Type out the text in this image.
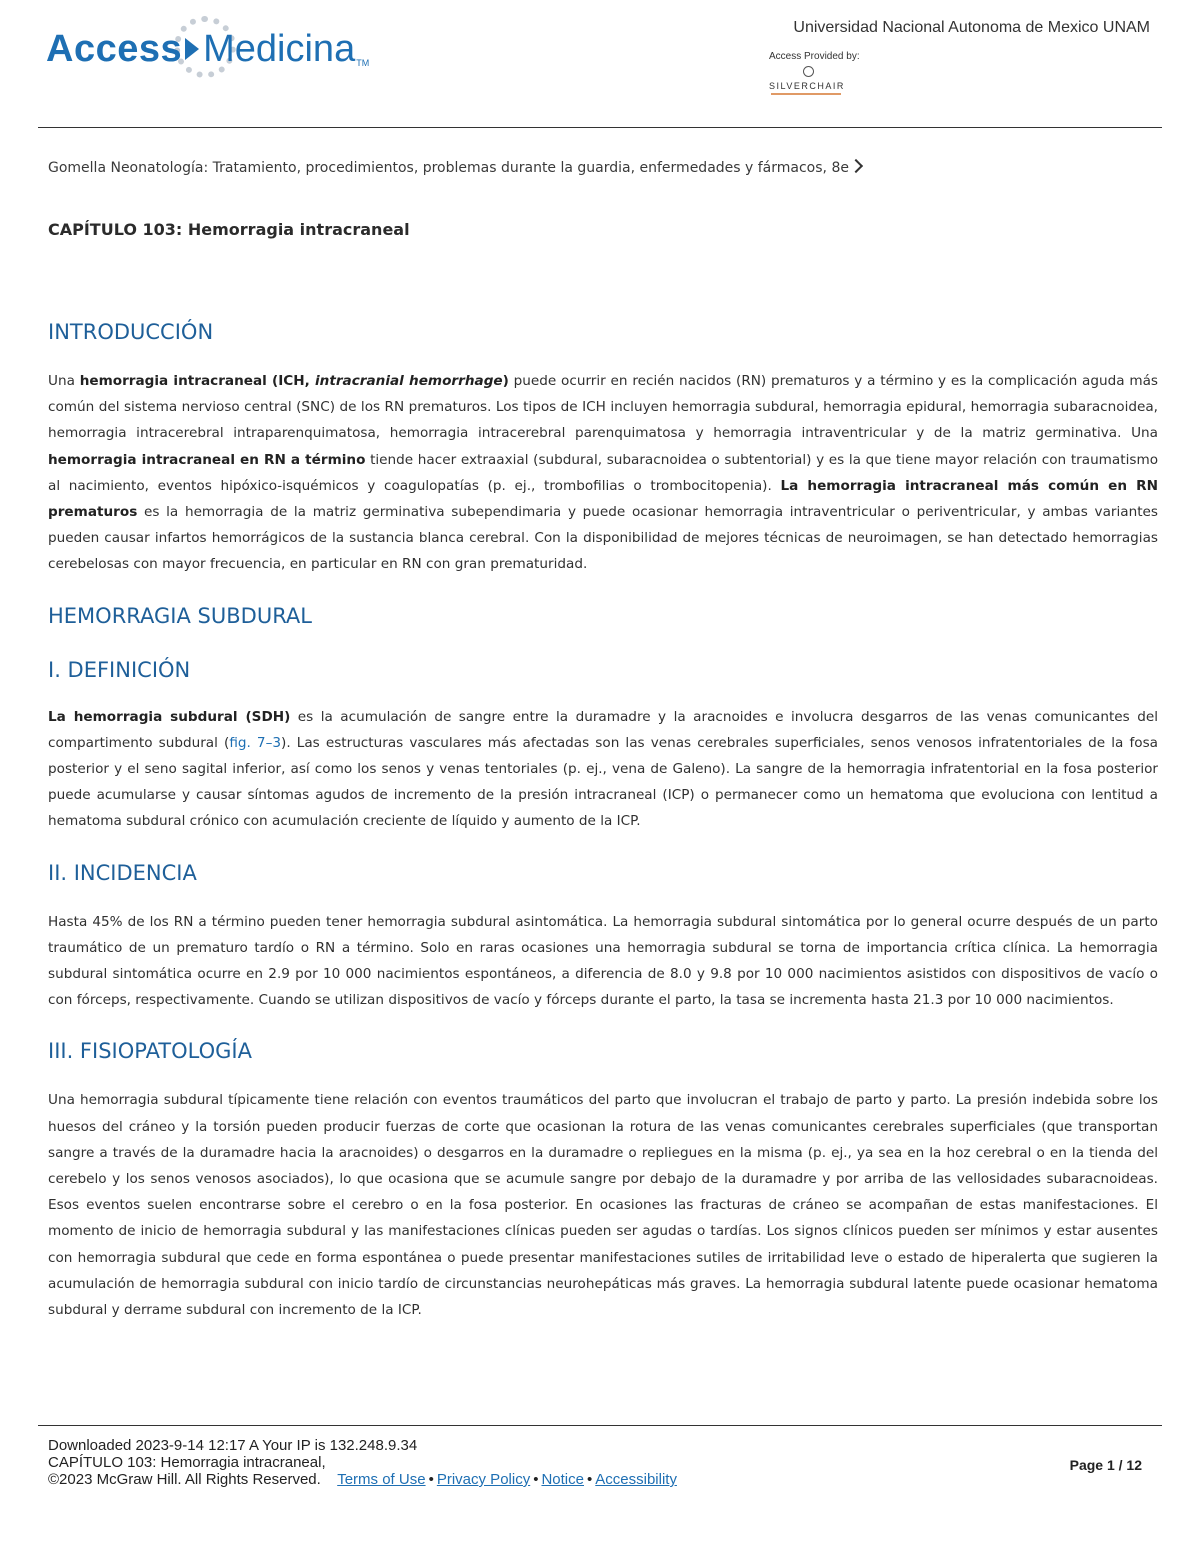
Access Medicina TM
Universidad Nacional Autonoma de Mexico UNAM
Access Provided by:
SILVERCHAIR
Gomella Neonatología: Tratamiento, procedimientos, problemas durante la guardia, enfermedades y fármacos, 8e
CAPÍTULO 103: Hemorragia intracraneal
INTRODUCCIÓN

Una hemorragia intracraneal (ICH, intracranial hemorrhage) puede ocurrir en recién nacidos (RN) prematuros y a término y es la complicación aguda más común del sistema nervioso central (SNC) de los RN prematuros. Los tipos de ICH incluyen hemorragia subdural, hemorragia epidural, hemorragia subaracnoidea, hemorragia intracerebral intraparenquimatosa, hemorragia intracerebral parenquimatosa y hemorragia intraventricular y de la matriz germinativa. Una hemorragia intracraneal en RN a término tiende hacer extraaxial (subdural, subaracnoidea o subtentorial) y es la que tiene mayor relación con traumatismo al nacimiento, eventos hipóxico-isquémicos y coagulopatías (p. ej., trombofilias o trombocitopenia). La hemorragia intracraneal más común en RN prematuros es la hemorragia de la matriz germinativa subependimaria y puede ocasionar hemorragia intraventricular o periventricular, y ambas variantes pueden causar infartos hemorrágicos de la sustancia blanca cerebral. Con la disponibilidad de mejores técnicas de neuroimagen, se han detectado hemorragias cerebelosas con mayor frecuencia, en particular en RN con gran prematuridad.

HEMORRAGIA SUBDURAL
I. DEFINICIÓN

La hemorragia subdural (SDH) es la acumulación de sangre entre la duramadre y la aracnoides e involucra desgarros de las venas comunicantes del compartimento subdural (fig. 7–3). Las estructuras vasculares más afectadas son las venas cerebrales superficiales, senos venosos infratentoriales de la fosa posterior y el seno sagital inferior, así como los senos y venas tentoriales (p. ej., vena de Galeno). La sangre de la hemorragia infratentorial en la fosa posterior puede acumularse y causar síntomas agudos de incremento de la presión intracraneal (ICP) o permanecer como un hematoma que evoluciona con lentitud a hematoma subdural crónico con acumulación creciente de líquido y aumento de la ICP.

II. INCIDENCIA

Hasta 45% de los RN a término pueden tener hemorragia subdural asintomática. La hemorragia subdural sintomática por lo general ocurre después de un parto traumático de un prematuro tardío o RN a término. Solo en raras ocasiones una hemorragia subdural se torna de importancia crítica clínica. La hemorragia subdural sintomática ocurre en 2.9 por 10 000 nacimientos espontáneos, a diferencia de 8.0 y 9.8 por 10 000 nacimientos asistidos con dispositivos de vacío o con fórceps, respectivamente. Cuando se utilizan dispositivos de vacío y fórceps durante el parto, la tasa se incrementa hasta 21.3 por 10 000 nacimientos.

III. FISIOPATOLOGÍA

Una hemorragia subdural típicamente tiene relación con eventos traumáticos del parto que involucran el trabajo de parto y parto. La presión indebida sobre los huesos del cráneo y la torsión pueden producir fuerzas de corte que ocasionan la rotura de las venas comunicantes cerebrales superficiales (que transportan sangre a través de la duramadre hacia la aracnoides) o desgarros en la duramadre o repliegues en la misma (p. ej., ya sea en la hoz cerebral o en la tienda del cerebelo y los senos venosos asociados), lo que ocasiona que se acumule sangre por debajo de la duramadre y por arriba de las vellosidades subaracnoideas. Esos eventos suelen encontrarse sobre el cerebro o en la fosa posterior. En ocasiones las fracturas de cráneo se acompañan de estas manifestaciones. El momento de inicio de hemorragia subdural y las manifestaciones clínicas pueden ser agudas o tardías. Los signos clínicos pueden ser mínimos y estar ausentes con hemorragia subdural que cede en forma espontánea o puede presentar manifestaciones sutiles de irritabilidad leve o estado de hiperalerta que sugieren la acumulación de hemorragia subdural con inicio tardío de circunstancias neurohepáticas más graves. La hemorragia subdural latente puede ocasionar hematoma subdural y derrame subdural con incremento de la ICP.

Downloaded 2023-9-14 12:17 A Your IP is 132.248.9.34
CAPÍTULO 103: Hemorragia intracraneal,
©2023 McGraw Hill. All Rights Reserved. Terms of Use • Privacy Policy • Notice • Accessibility
Page 1 / 12
